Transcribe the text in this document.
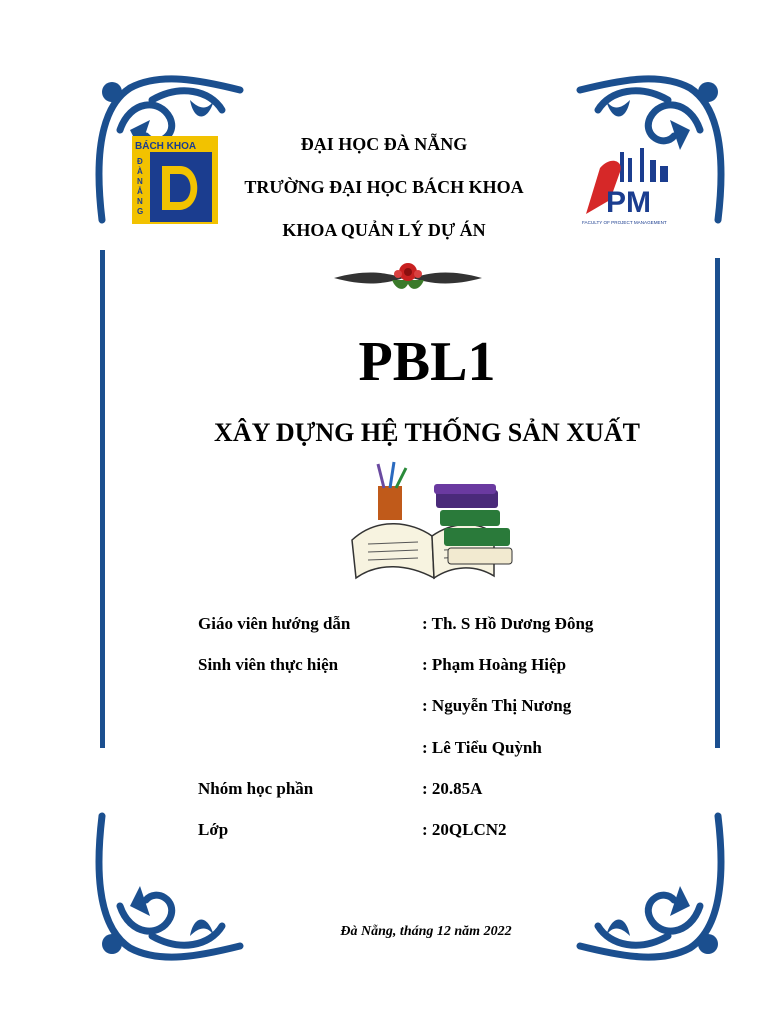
ĐẠI HỌC ĐÀ NẴNG
TRƯỜNG ĐẠI HỌC BÁCH KHOA
KHOA QUẢN LÝ DỰ ÁN
BÁCH KHOA
Đ
À
N
Ẵ
N
G	PM
FACULTY OF PROJECT MANAGEMENT
PBL1
XÂY DỰNG HỆ THỐNG SẢN XUẤT
Giáo viên hướng dẫn	: Th. S Hồ Dương Đông
Sinh viên thực hiện	: Phạm Hoàng Hiệp
: Nguyễn Thị Nương
: Lê Tiểu Quỳnh
Nhóm học phần	: 20.85A
Lớp	: 20QLCN2
Đà Nẵng, tháng 12 năm 2022
